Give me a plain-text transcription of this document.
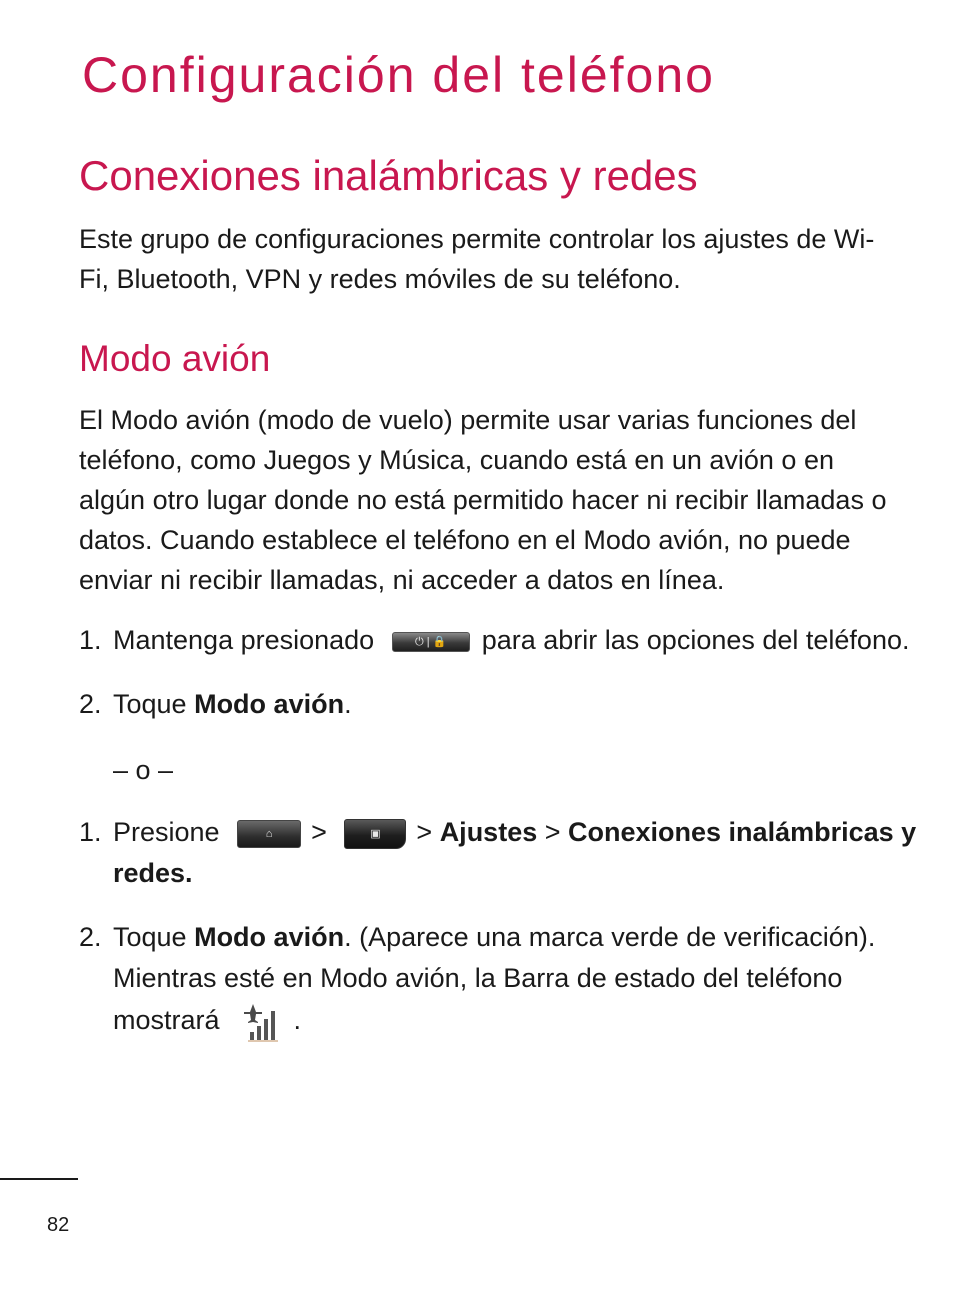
Configuración del teléfono
Conexiones inalámbricas y redes
Este grupo de configuraciones permite controlar los ajustes de Wi-Fi, Bluetooth, VPN y redes móviles de su teléfono.
Modo avión
El Modo avión (modo de vuelo) permite usar varias funciones del teléfono, como Juegos y Música, cuando está en un avión o en algún otro lugar donde no está permitido hacer ni recibir llamadas o datos. Cuando establece el teléfono en el Modo avión, no puede enviar ni recibir llamadas, ni acceder a datos en línea.
1. Mantenga presionado	⏻ | 🔒	para abrir las opciones del teléfono.
2. Toque Modo avión.
– o –
1. Presione	⌂	>	▣	> Ajustes > Conexiones inalámbricas y
redes.
2. Toque Modo avión. (Aparece una marca verde de verificación).
Mientras esté en Modo avión, la Barra de estado del teléfono
mostrará	.
82
